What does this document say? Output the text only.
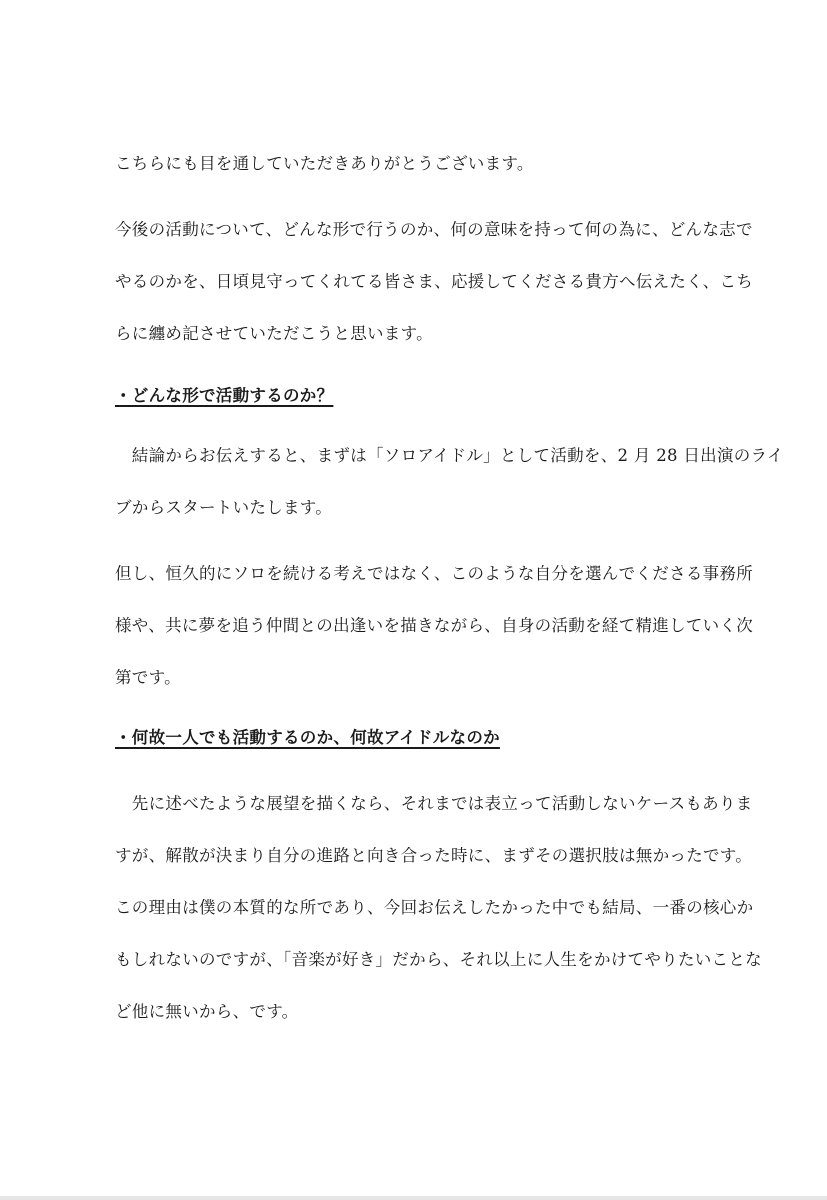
こちらにも目を通していただきありがとうございます。
今後の活動について、どんな形で行うのか、何の意味を持って何の為に、どんな志で
やるのかを、日頃見守ってくれてる皆さま、応援してくださる貴方へ伝えたく、こち
らに纏め記させていただこうと思います。
・どんな形で活動するのか？
　結論からお伝えすると、まずは「ソロアイドル」として活動を、2 月 28 日出演のライ
ブからスタートいたします。
但し、恒久的にソロを続ける考えではなく、このような自分を選んでくださる事務所
様や、共に夢を追う仲間との出逢いを描きながら、自身の活動を経て精進していく次
第です。
・何故一人でも活動するのか、何故アイドルなのか
　先に述べたような展望を描くなら、それまでは表立って活動しないケースもありま
すが、解散が決まり自分の進路と向き合った時に、まずその選択肢は無かったです。
この理由は僕の本質的な所であり、今回お伝えしたかった中でも結局、一番の核心か
もしれないのですが、「音楽が好き」だから、それ以上に人生をかけてやりたいことな
ど他に無いから、です。
